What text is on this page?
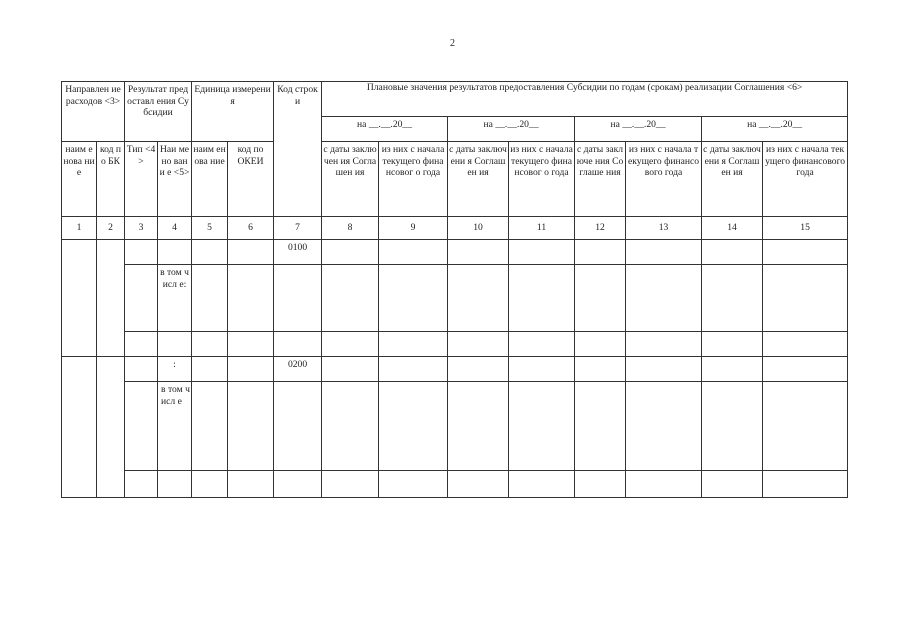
2
Направлен ие расходов <3>		Результат предоставл ения Субсидии		Единица измерения		Код строки	Плановые значения результатов предоставления Субсидии по годам (срокам) реализации Соглашения <6>							
							на __.__.20__		на __.__.20__		на __.__.20__		на __.__.20__	
наим енова ние	код по БК	Тип <4>	Наи мено вани е <5>	наим енова ние	код по ОКЕИ		с даты заключен ия Соглашен ия	из них с начала текущего финансовог о года	с даты заключени я Соглашен ия	из них с начала текущего финансовог о года	с даты заключе ния Соглаше ния	из них с начала текущего финансового года	с даты заключени я Соглашен ия	из них с начала текущего финансового года
1	2	3	4	5	6	7	8	9	10	11	12	13	14	15
						0100								
			в том числ е:											

			:			0200								
			в том числ е											
